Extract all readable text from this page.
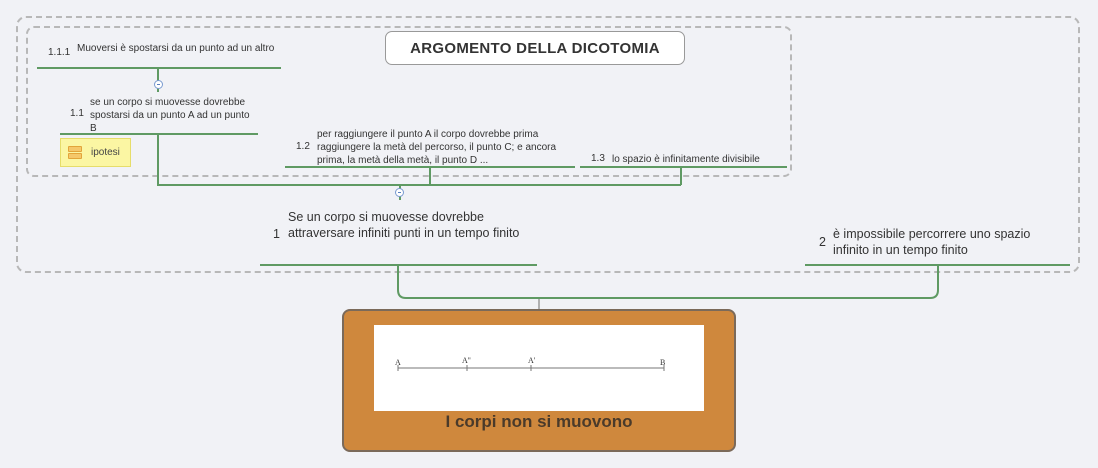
ARGOMENTO DELLA DICOTOMIA
1.1.1 Muoversi è spostarsi da un punto ad un altro
1.1
se un corpo si muovesse dovrebbe spostarsi da un punto A ad un punto B
ipotesi
1.2
per raggiungere il punto A il corpo dovrebbe prima raggiungere la metà del percorso, il punto C; e ancora prima, la metà della metà, il punto D ...	1.3 lo spazio è infinitamente divisibile
1
Se un corpo si muovesse dovrebbe attraversare infiniti punti in un tempo finito
2
è impossibile percorrere uno spazio infinito in un tempo finito
A	A''	A'	B
I corpi non si muovono
